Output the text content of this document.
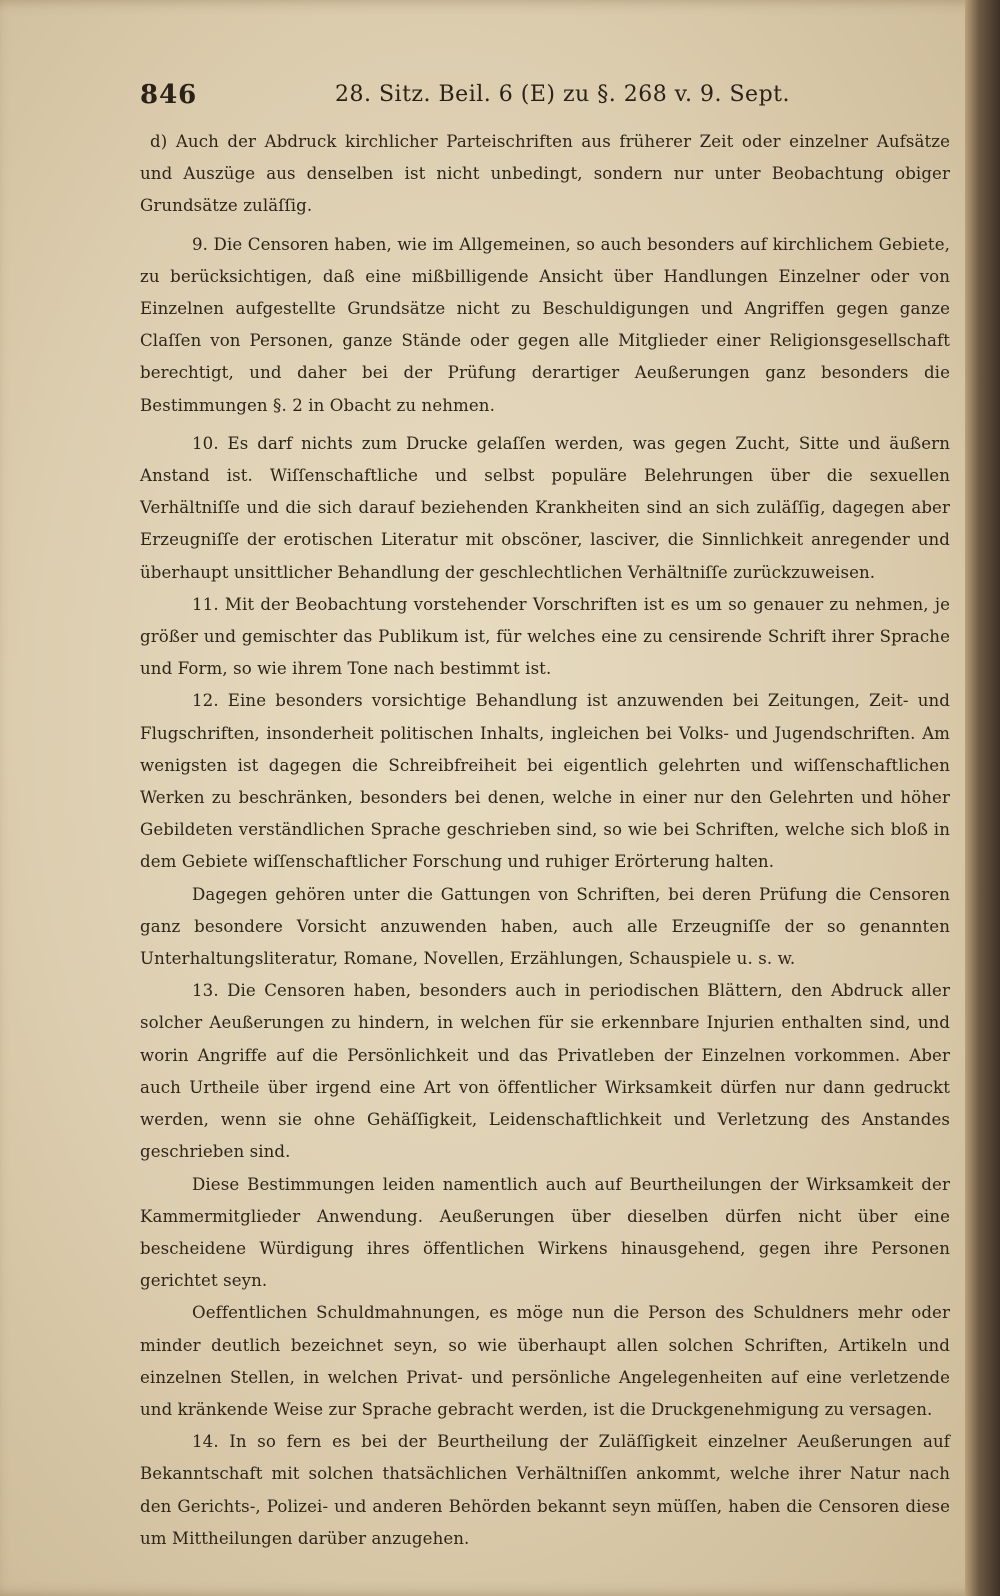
846	28. Sitz. Beil. 6 (E) zu §. 268 v. 9. Sept.

d) Auch der Abdruck kirchlicher Parteischriften aus früherer Zeit oder einzelner Aufsätze und Auszüge aus denselben ist nicht unbedingt, sondern nur unter Beobachtung obiger Grundsätze zuläſſig.

9. Die Censoren haben, wie im Allgemeinen, so auch besonders auf kirchlichem Gebiete, zu berücksichtigen, daß eine mißbilligende Ansicht über Handlungen Einzelner oder von Einzelnen aufgestellte Grundsätze nicht zu Beschuldigungen und Angriffen gegen ganze Claſſen von Personen, ganze Stände oder gegen alle Mitglieder einer Religionsgesellschaft berechtigt, und daher bei der Prüfung derartiger Aeußerungen ganz besonders die Bestimmungen §. 2 in Obacht zu nehmen.

10. Es darf nichts zum Drucke gelaſſen werden, was gegen Zucht, Sitte und äußern Anstand ist. Wiſſenschaftliche und selbst populäre Belehrungen über die sexuellen Verhältniſſe und die sich darauf beziehenden Krankheiten sind an sich zuläſſig, dagegen aber Erzeugniſſe der erotischen Literatur mit obscöner, lasciver, die Sinnlichkeit anregender und überhaupt unsittlicher Behandlung der geschlechtlichen Verhältniſſe zurückzuweisen.

11. Mit der Beobachtung vorstehender Vorschriften ist es um so genauer zu nehmen, je größer und gemischter das Publikum ist, für welches eine zu censirende Schrift ihrer Sprache und Form, so wie ihrem Tone nach bestimmt ist.

12. Eine besonders vorsichtige Behandlung ist anzuwenden bei Zeitungen, Zeit- und Flugschriften, insonderheit politischen Inhalts, ingleichen bei Volks- und Jugendschriften. Am wenigsten ist dagegen die Schreibfreiheit bei eigentlich gelehrten und wiſſenschaftlichen Werken zu beschränken, besonders bei denen, welche in einer nur den Gelehrten und höher Gebildeten verständlichen Sprache geschrieben sind, so wie bei Schriften, welche sich bloß in dem Gebiete wiſſenschaftlicher Forschung und ruhiger Erörterung halten.

Dagegen gehören unter die Gattungen von Schriften, bei deren Prüfung die Censoren ganz besondere Vorsicht anzuwenden haben, auch alle Erzeugniſſe der so genannten Unterhaltungsliteratur, Romane, Novellen, Erzählungen, Schauspiele u. s. w.

13. Die Censoren haben, besonders auch in periodischen Blättern, den Abdruck aller solcher Aeußerungen zu hindern, in welchen für sie erkennbare Injurien enthalten sind, und worin Angriffe auf die Persönlichkeit und das Privatleben der Einzelnen vorkommen. Aber auch Urtheile über irgend eine Art von öffentlicher Wirksamkeit dürfen nur dann gedruckt werden, wenn sie ohne Gehäſſigkeit, Leidenschaftlichkeit und Verletzung des Anstandes geschrieben sind.

Diese Bestimmungen leiden namentlich auch auf Beurtheilungen der Wirksamkeit der Kammermitglieder Anwendung. Aeußerungen über dieselben dürfen nicht über eine bescheidene Würdigung ihres öffentlichen Wirkens hinausgehend, gegen ihre Personen gerichtet seyn.

Oeffentlichen Schuldmahnungen, es möge nun die Person des Schuldners mehr oder minder deutlich bezeichnet seyn, so wie überhaupt allen solchen Schriften, Artikeln und einzelnen Stellen, in welchen Privat- und persönliche Angelegenheiten auf eine verletzende und kränkende Weise zur Sprache gebracht werden, ist die Druckgenehmigung zu versagen.

14. In so fern es bei der Beurtheilung der Zuläſſigkeit einzelner Aeußerungen auf Bekanntschaft mit solchen thatsächlichen Verhältniſſen ankommt, welche ihrer Natur nach den Gerichts-, Polizei- und anderen Behörden bekannt seyn müſſen, haben die Censoren diese um Mittheilungen darüber anzugehen.
